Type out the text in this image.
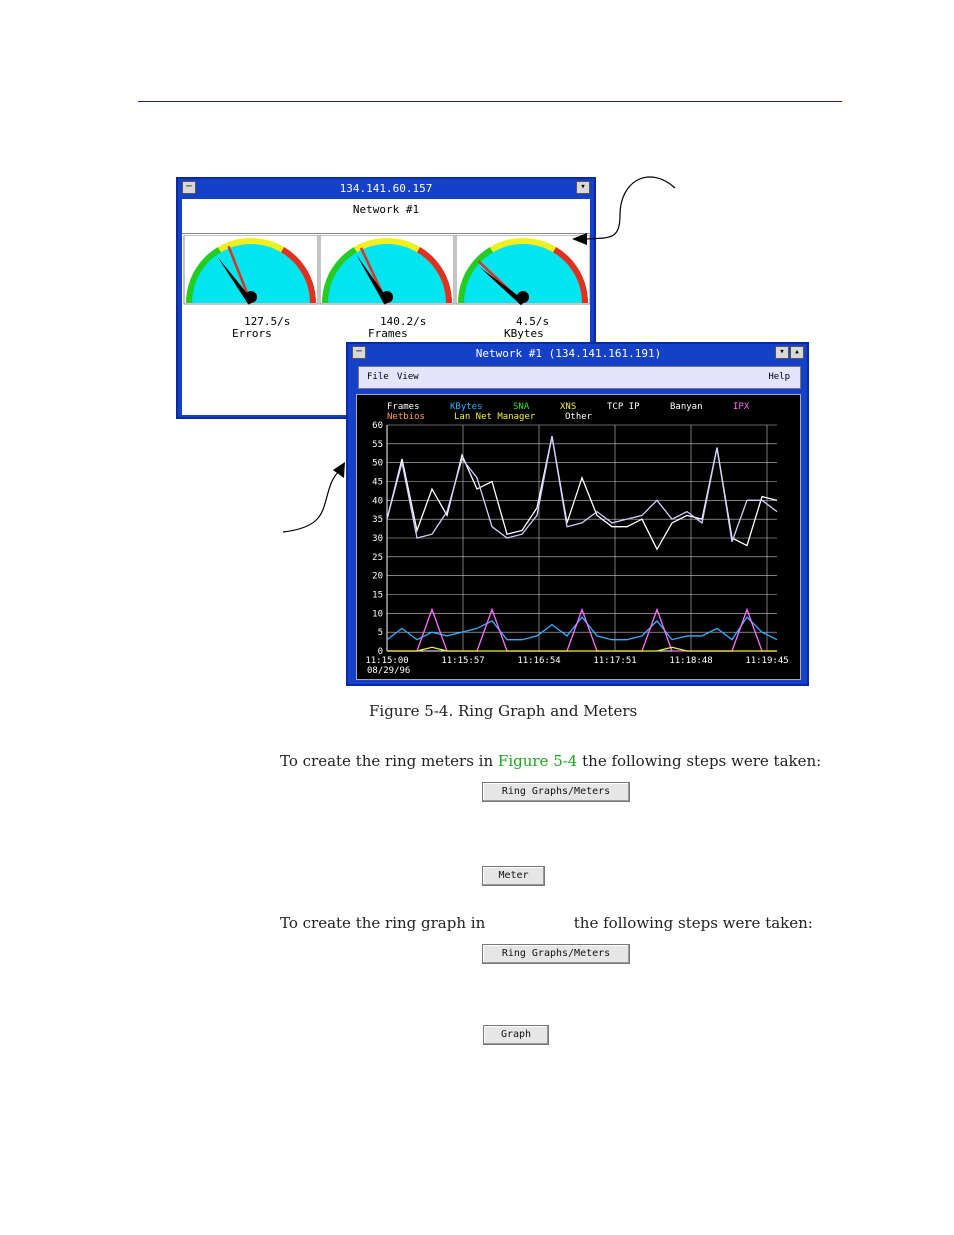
134.141.60.157
─	▾
Network #1
127.5/s
Errors
140.2/s
Frames
4.5/s
KBytes
Network #1 (134.141.161.191)
─	▾	▴
File View	Help
Frames	KBytes	SNA	XNS	TCP IP	Banyan	IPX
Netbios	Lan Net Manager	Other
60
55
50
45
40
35
30
25
20
15
10
5
0
11:15:00	11:15:57	11:16:54	11:17:51	11:18:48	11:19:45
08/29/96
Figure 5-4. Ring Graph and Meters
To create the ring meters in Figure 5-4 the following steps were taken:
Ring Graphs/Meters
Meter
To create the ring graph in	the following steps were taken:
Ring Graphs/Meters
Graph
